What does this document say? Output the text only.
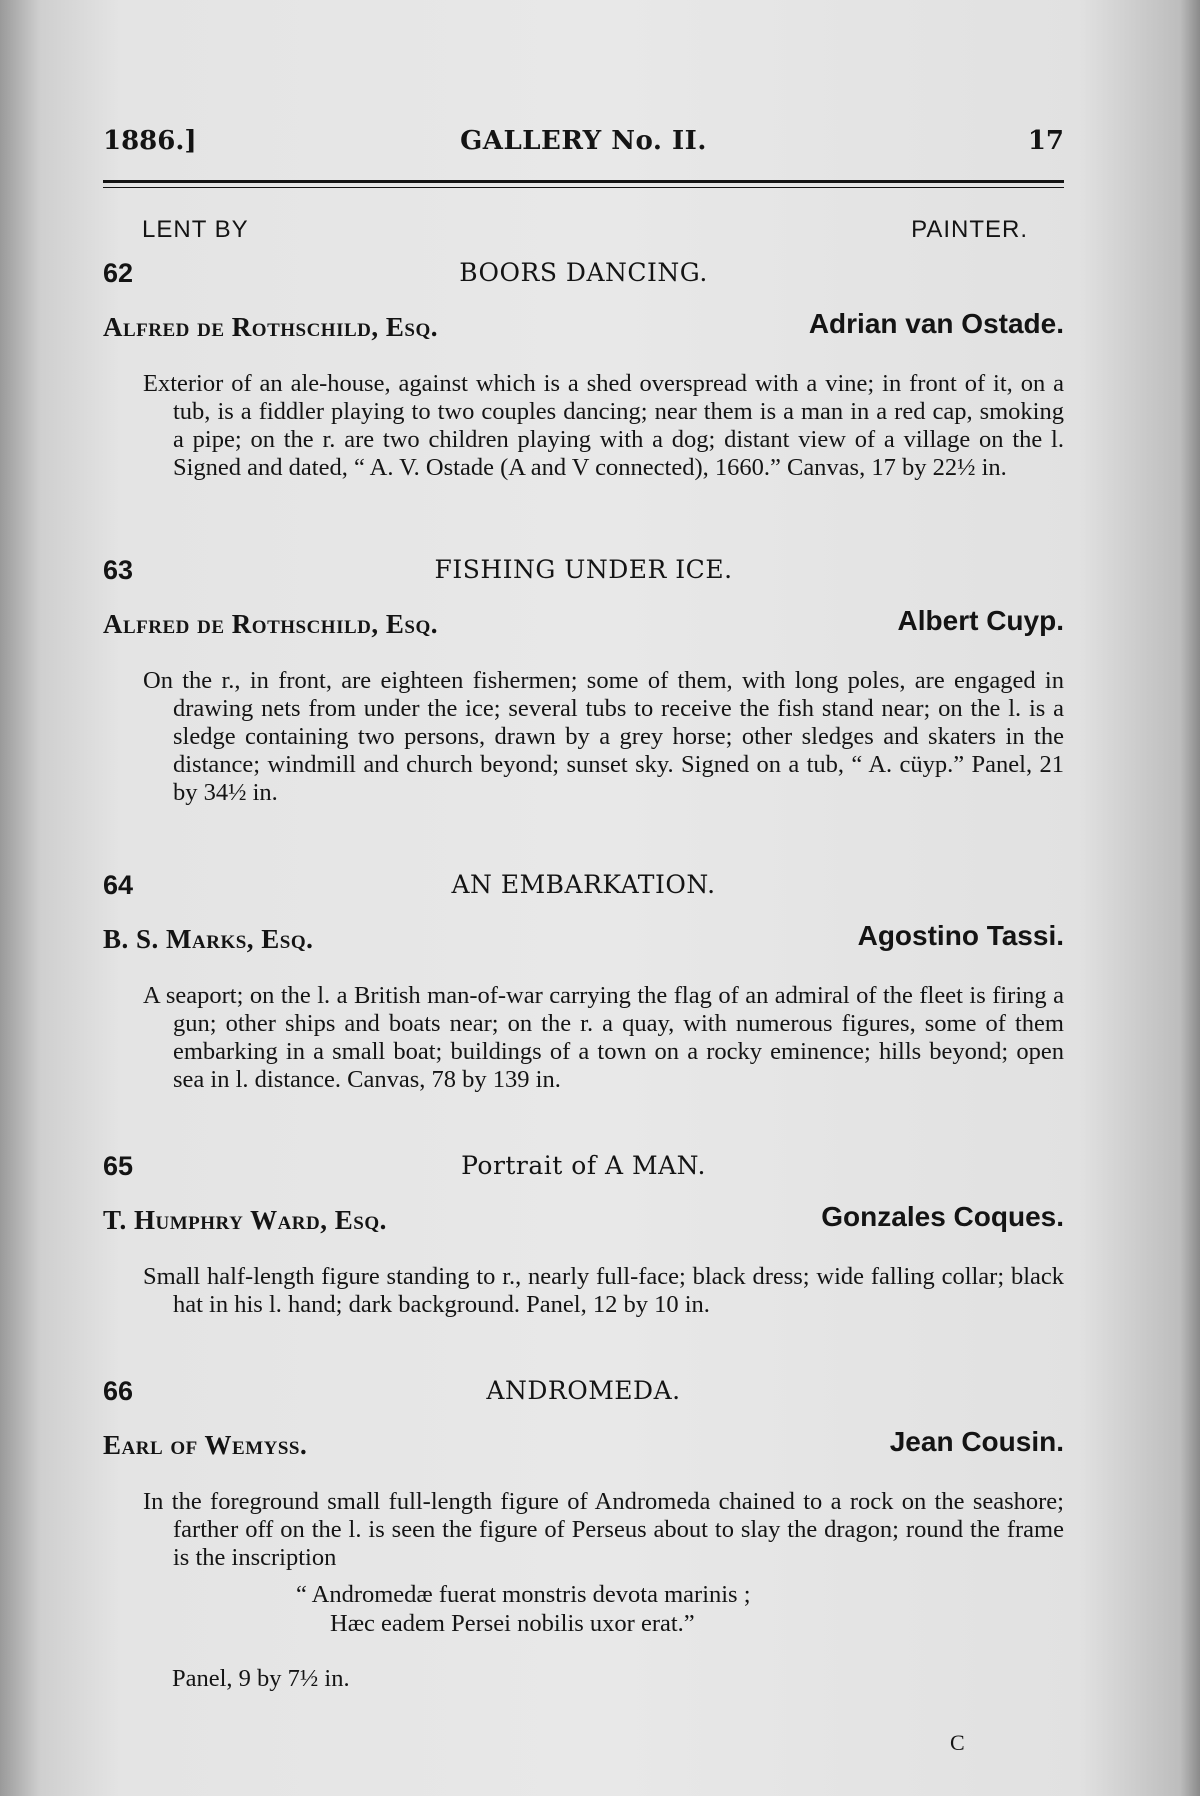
1886.]	GALLERY No. II.	17
LENT BY	PAINTER.
62	BOORS DANCING.
Alfred de Rothschild, Esq.	Adrian van Ostade.
Exterior of an ale-house, against which is a shed overspread with a vine; in front of it, on a tub, is a fiddler playing to two couples dancing; near them is a man in a red cap, smoking a pipe; on the r. are two children playing with a dog; distant view of a village on the l. Signed and dated, “ A. V. Ostade (A and V connected), 1660.” Canvas, 17 by 22½ in.
63	FISHING UNDER ICE.
Alfred de Rothschild, Esq.	Albert Cuyp.
On the r., in front, are eighteen fishermen; some of them, with long poles, are engaged in drawing nets from under the ice; several tubs to receive the fish stand near; on the l. is a sledge containing two persons, drawn by a grey horse; other sledges and skaters in the distance; windmill and church beyond; sunset sky. Signed on a tub, “ A. cüyp.” Panel, 21 by 34½ in.
64	AN EMBARKATION.
B. S. Marks, Esq.	Agostino Tassi.
A seaport; on the l. a British man-of-war carrying the flag of an admiral of the fleet is firing a gun; other ships and boats near; on the r. a quay, with numerous figures, some of them embarking in a small boat; buildings of a town on a rocky eminence; hills beyond; open sea in l. distance. Canvas, 78 by 139 in.
65	Portrait of A MAN.
T. Humphry Ward, Esq.	Gonzales Coques.
Small half-length figure standing to r., nearly full-face; black dress; wide falling collar; black hat in his l. hand; dark background. Panel, 12 by 10 in.
66	ANDROMEDA.
Earl of Wemyss.	Jean Cousin.
In the foreground small full-length figure of Andromeda chained to a rock on the seashore; farther off on the l. is seen the figure of Perseus about to slay the dragon; round the frame is the inscription
“ Andromedæ fuerat monstris devota marinis ;
Hæc eadem Persei nobilis uxor erat.”
Panel, 9 by 7½ in.
C
